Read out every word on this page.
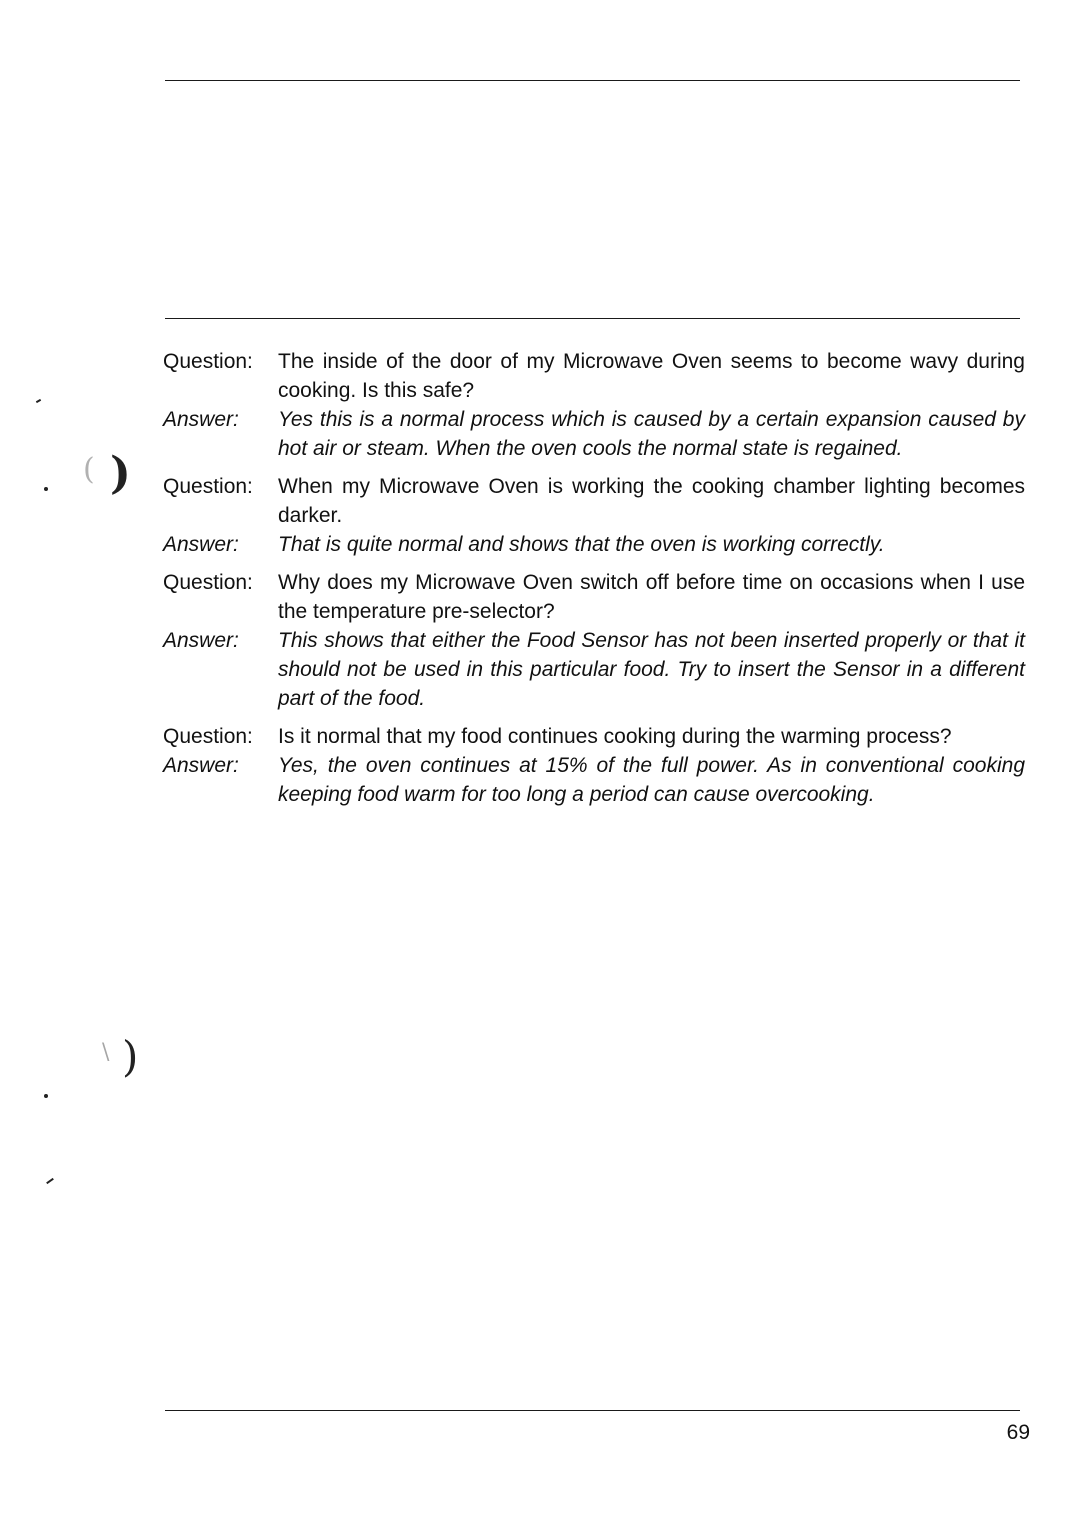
Question:	The inside of the door of my Microwave Oven seems to become wavy during cooking. Is this safe?
Answer:	Yes this is a normal process which is caused by a certain expansion caused by hot air or steam. When the oven cools the normal state is regained.
Question:	When my Microwave Oven is working the cooking chamber lighting becomes darker.
Answer:	That is quite normal and shows that the oven is working correctly.
Question:	Why does my Microwave Oven switch off before time on occasions when I use the temperature pre-selector?
Answer:	This shows that either the Food Sensor has not been inserted properly or that it should not be used in this particular food. Try to insert the Sensor in a different part of the food.
Question:	Is it normal that my food continues cooking during the warming process?
Answer:	Yes, the oven continues at 15% of the full power. As in conventional cooking keeping food warm for too long a period can cause overcooking.
69
( )
\ )
